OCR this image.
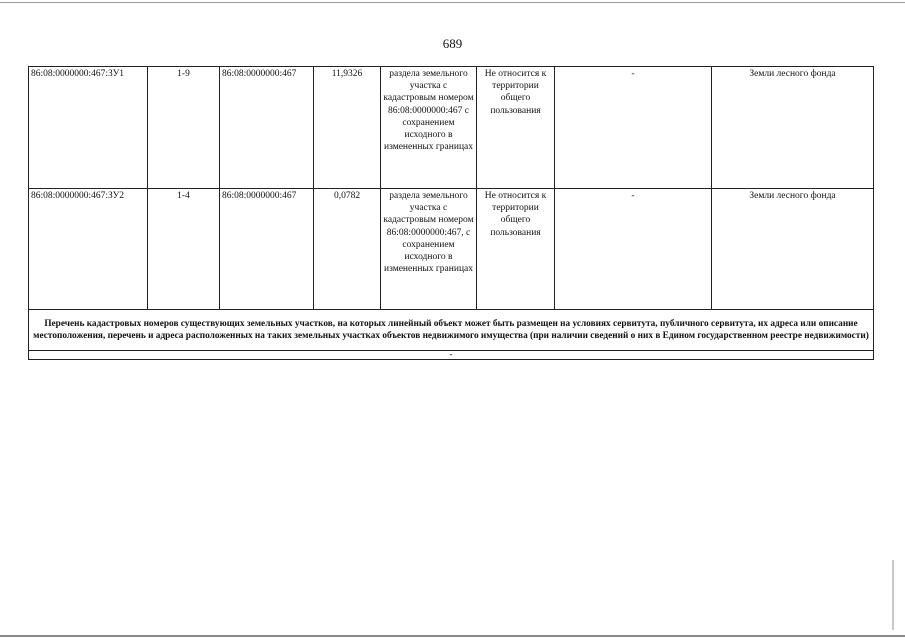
689
86:08:0000000:467:ЗУ1	1-9	86:08:0000000:467	11,9326	раздела земельного участка с кадастровым номером 86:08:0000000:467 с сохранением исходного в измененных границах	Не относится к территории общего пользования	-	Земли лесного фонда
86:08:0000000:467:ЗУ2	1-4	86:08:0000000:467	0,0782	раздела земельного участка с кадастровым номером 86:08:0000000:467, с сохранением исходного в измененных границах	Не относится к территории общего пользования	-	Земли лесного фонда
Перечень кадастровых номеров существующих земельных участков, на которых линейный объект может быть размещен на условиях сервитута, публичного сервитута, их адреса или описание местоположения, перечень и адреса расположенных на таких земельных участках объектов недвижимого имущества (при наличии сведений о них в Едином государственном реестре недвижимости)							
-							
